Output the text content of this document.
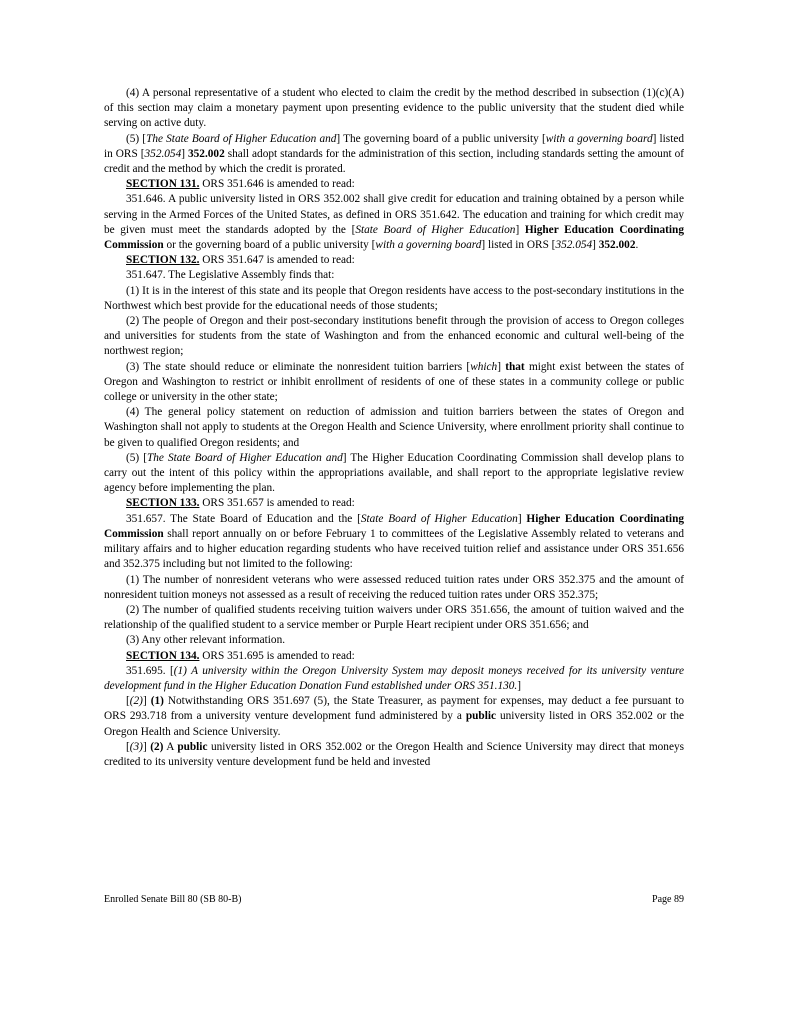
(4) A personal representative of a student who elected to claim the credit by the method described in subsection (1)(c)(A) of this section may claim a monetary payment upon presenting evidence to the public university that the student died while serving on active duty.

(5) [The State Board of Higher Education and] The governing board of a public university [with a governing board] listed in ORS [352.054] 352.002 shall adopt standards for the administration of this section, including standards setting the amount of credit and the method by which the credit is prorated.

SECTION 131. ORS 351.646 is amended to read:

351.646. A public university listed in ORS 352.002 shall give credit for education and training obtained by a person while serving in the Armed Forces of the United States, as defined in ORS 351.642. The education and training for which credit may be given must meet the standards adopted by the [State Board of Higher Education] Higher Education Coordinating Commission or the governing board of a public university [with a governing board] listed in ORS [352.054] 352.002.

SECTION 132. ORS 351.647 is amended to read:

351.647. The Legislative Assembly finds that:

(1) It is in the interest of this state and its people that Oregon residents have access to the post-secondary institutions in the Northwest which best provide for the educational needs of those students;

(2) The people of Oregon and their post-secondary institutions benefit through the provision of access to Oregon colleges and universities for students from the state of Washington and from the enhanced economic and cultural well-being of the northwest region;

(3) The state should reduce or eliminate the nonresident tuition barriers [which] that might exist between the states of Oregon and Washington to restrict or inhibit enrollment of residents of one of these states in a community college or public college or university in the other state;

(4) The general policy statement on reduction of admission and tuition barriers between the states of Oregon and Washington shall not apply to students at the Oregon Health and Science University, where enrollment priority shall continue to be given to qualified Oregon residents; and

(5) [The State Board of Higher Education and] The Higher Education Coordinating Commission shall develop plans to carry out the intent of this policy within the appropriations available, and shall report to the appropriate legislative review agency before implementing the plan.

SECTION 133. ORS 351.657 is amended to read:

351.657. The State Board of Education and the [State Board of Higher Education] Higher Education Coordinating Commission shall report annually on or before February 1 to committees of the Legislative Assembly related to veterans and military affairs and to higher education regarding students who have received tuition relief and assistance under ORS 351.656 and 352.375 including but not limited to the following:

(1) The number of nonresident veterans who were assessed reduced tuition rates under ORS 352.375 and the amount of nonresident tuition moneys not assessed as a result of receiving the reduced tuition rates under ORS 352.375;

(2) The number of qualified students receiving tuition waivers under ORS 351.656, the amount of tuition waived and the relationship of the qualified student to a service member or Purple Heart recipient under ORS 351.656; and

(3) Any other relevant information.

SECTION 134. ORS 351.695 is amended to read:

351.695. [(1) A university within the Oregon University System may deposit moneys received for its university venture development fund in the Higher Education Donation Fund established under ORS 351.130.]

[(2)] (1) Notwithstanding ORS 351.697 (5), the State Treasurer, as payment for expenses, may deduct a fee pursuant to ORS 293.718 from a university venture development fund administered by a public university listed in ORS 352.002 or the Oregon Health and Science University.

[(3)] (2) A public university listed in ORS 352.002 or the Oregon Health and Science University may direct that moneys credited to its university venture development fund be held and invested

Enrolled Senate Bill 80 (SB 80-B)	Page 89
